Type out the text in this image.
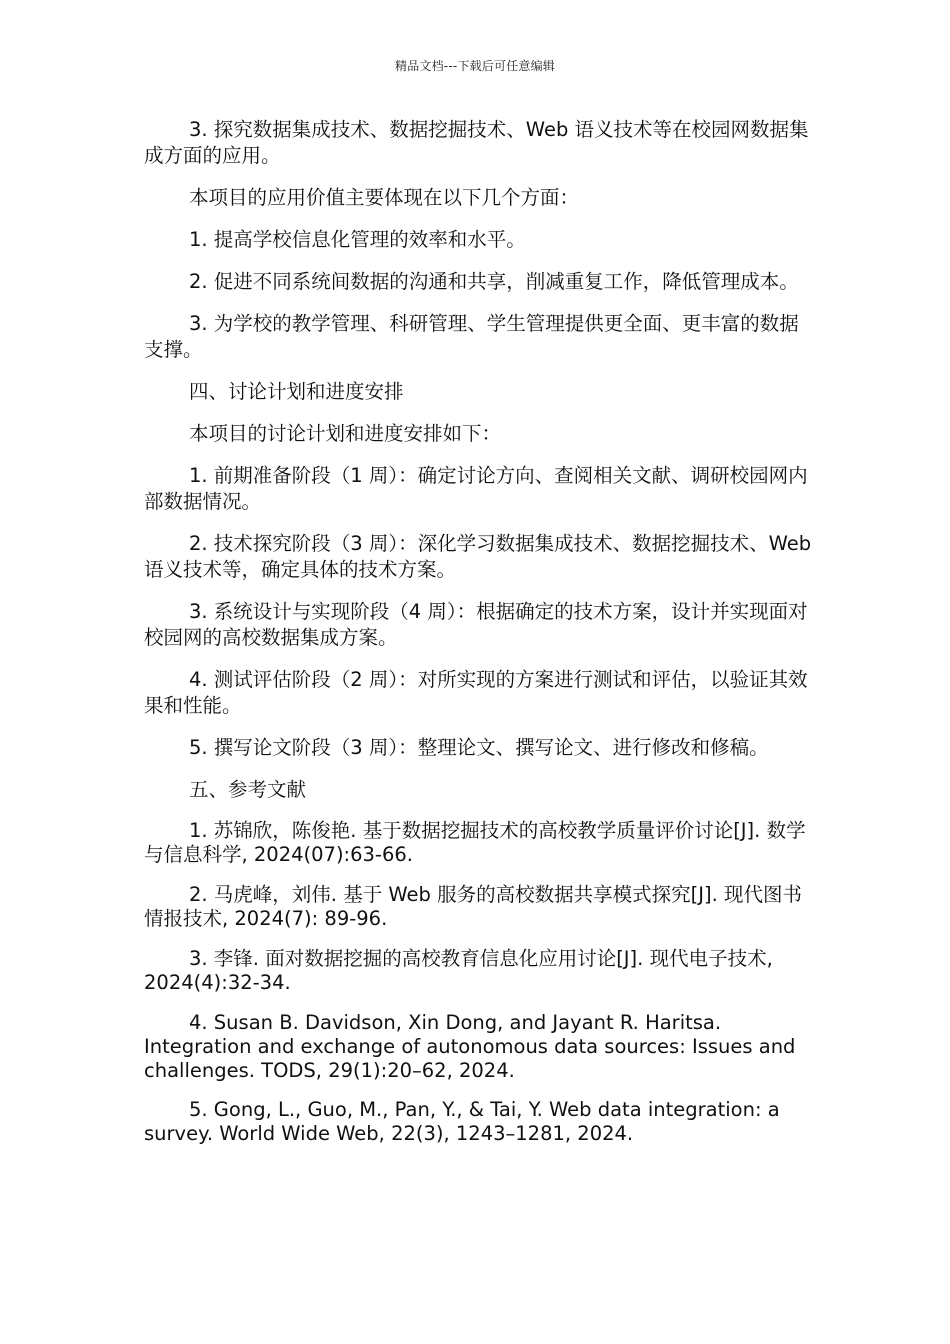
精品文档---下载后可任意编辑

3. 探究数据集成技术、数据挖掘技术、Web 语义技术等在校园网数据集成方面的应用。

本项目的应用价值主要体现在以下几个方面：

1. 提高学校信息化管理的效率和水平。

2. 促进不同系统间数据的沟通和共享，削减重复工作，降低管理成本。

3. 为学校的教学管理、科研管理、学生管理提供更全面、更丰富的数据支撑。

四、讨论计划和进度安排

本项目的讨论计划和进度安排如下：

1. 前期准备阶段（1 周）：确定讨论方向、查阅相关文献、调研校园网内部数据情况。

2. 技术探究阶段（3 周）：深化学习数据集成技术、数据挖掘技术、Web 语义技术等，确定具体的技术方案。

3. 系统设计与实现阶段（4 周）：根据确定的技术方案，设计并实现面对校园网的高校数据集成方案。

4. 测试评估阶段（2 周）：对所实现的方案进行测试和评估，以验证其效果和性能。

5. 撰写论文阶段（3 周）：整理论文、撰写论文、进行修改和修稿。

五、参考文献

1. 苏锦欣，陈俊艳. 基于数据挖掘技术的高校教学质量评价讨论[J]. 数学与信息科学, 2024(07):63-66.

2. 马虎峰，刘伟. 基于 Web 服务的高校数据共享模式探究[J]. 现代图书情报技术, 2024(7): 89-96.

3. 李锋. 面对数据挖掘的高校教育信息化应用讨论[J]. 现代电子技术, 2024(4):32-34.

4. Susan B. Davidson, Xin Dong, and Jayant R. Haritsa. Integration and exchange of autonomous data sources: Issues and challenges. TODS, 29(1):20–62, 2024.

5. Gong, L., Guo, M., Pan, Y., & Tai, Y. Web data integration: a survey. World Wide Web, 22(3), 1243–1281, 2024.
